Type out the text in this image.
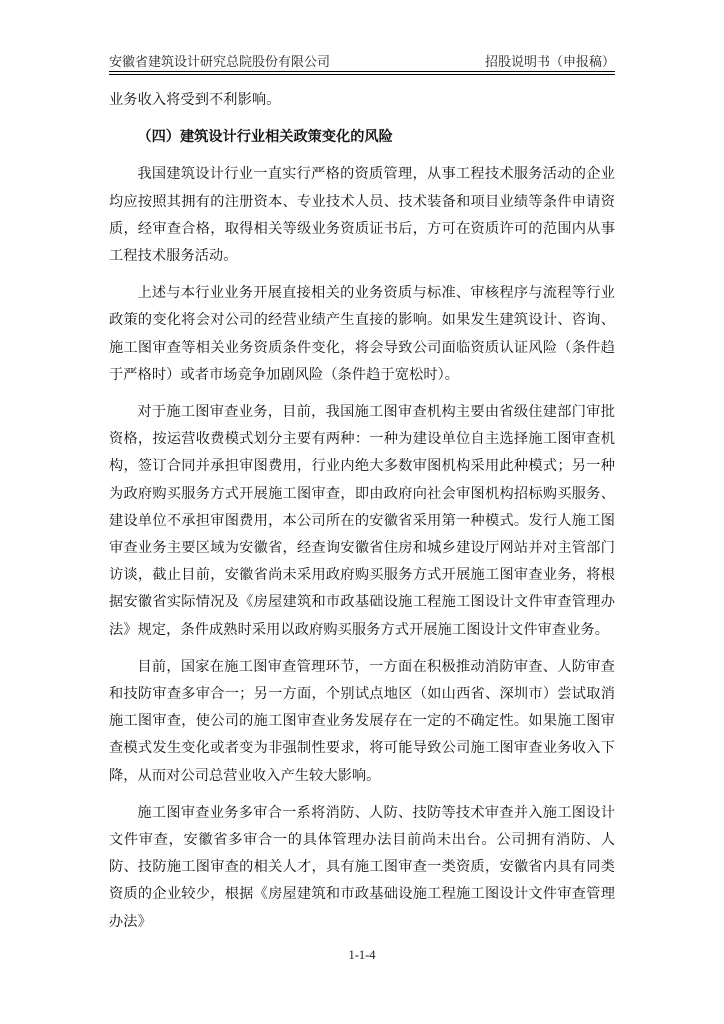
安徽省建筑设计研究总院股份有限公司	招股说明书（申报稿）

业务收入将受到不利影响。

（四）建筑设计行业相关政策变化的风险

我国建筑设计行业一直实行严格的资质管理，从事工程技术服务活动的企业均应按照其拥有的注册资本、专业技术人员、技术装备和项目业绩等条件申请资质，经审查合格，取得相关等级业务资质证书后，方可在资质许可的范围内从事工程技术服务活动。

上述与本行业业务开展直接相关的业务资质与标准、审核程序与流程等行业政策的变化将会对公司的经营业绩产生直接的影响。如果发生建筑设计、咨询、施工图审查等相关业务资质条件变化，将会导致公司面临资质认证风险（条件趋于严格时）或者市场竞争加剧风险（条件趋于宽松时）。

对于施工图审查业务，目前，我国施工图审查机构主要由省级住建部门审批资格，按运营收费模式划分主要有两种：一种为建设单位自主选择施工图审查机构，签订合同并承担审图费用，行业内绝大多数审图机构采用此种模式；另一种为政府购买服务方式开展施工图审查，即由政府向社会审图机构招标购买服务、建设单位不承担审图费用，本公司所在的安徽省采用第一种模式。发行人施工图审查业务主要区域为安徽省，经查询安徽省住房和城乡建设厅网站并对主管部门访谈，截止目前，安徽省尚未采用政府购买服务方式开展施工图审查业务，将根据安徽省实际情况及《房屋建筑和市政基础设施工程施工图设计文件审查管理办法》规定，条件成熟时采用以政府购买服务方式开展施工图设计文件审查业务。

目前，国家在施工图审查管理环节，一方面在积极推动消防审查、人防审查和技防审查多审合一；另一方面，个别试点地区（如山西省、深圳市）尝试取消施工图审查，使公司的施工图审查业务发展存在一定的不确定性。如果施工图审查模式发生变化或者变为非强制性要求，将可能导致公司施工图审查业务收入下降，从而对公司总营业收入产生较大影响。

施工图审查业务多审合一系将消防、人防、技防等技术审查并入施工图设计文件审查，安徽省多审合一的具体管理办法目前尚未出台。公司拥有消防、人防、技防施工图审查的相关人才，具有施工图审查一类资质，安徽省内具有同类资质的企业较少，根据《房屋建筑和市政基础设施工程施工图设计文件审查管理办法》

1-1-4
